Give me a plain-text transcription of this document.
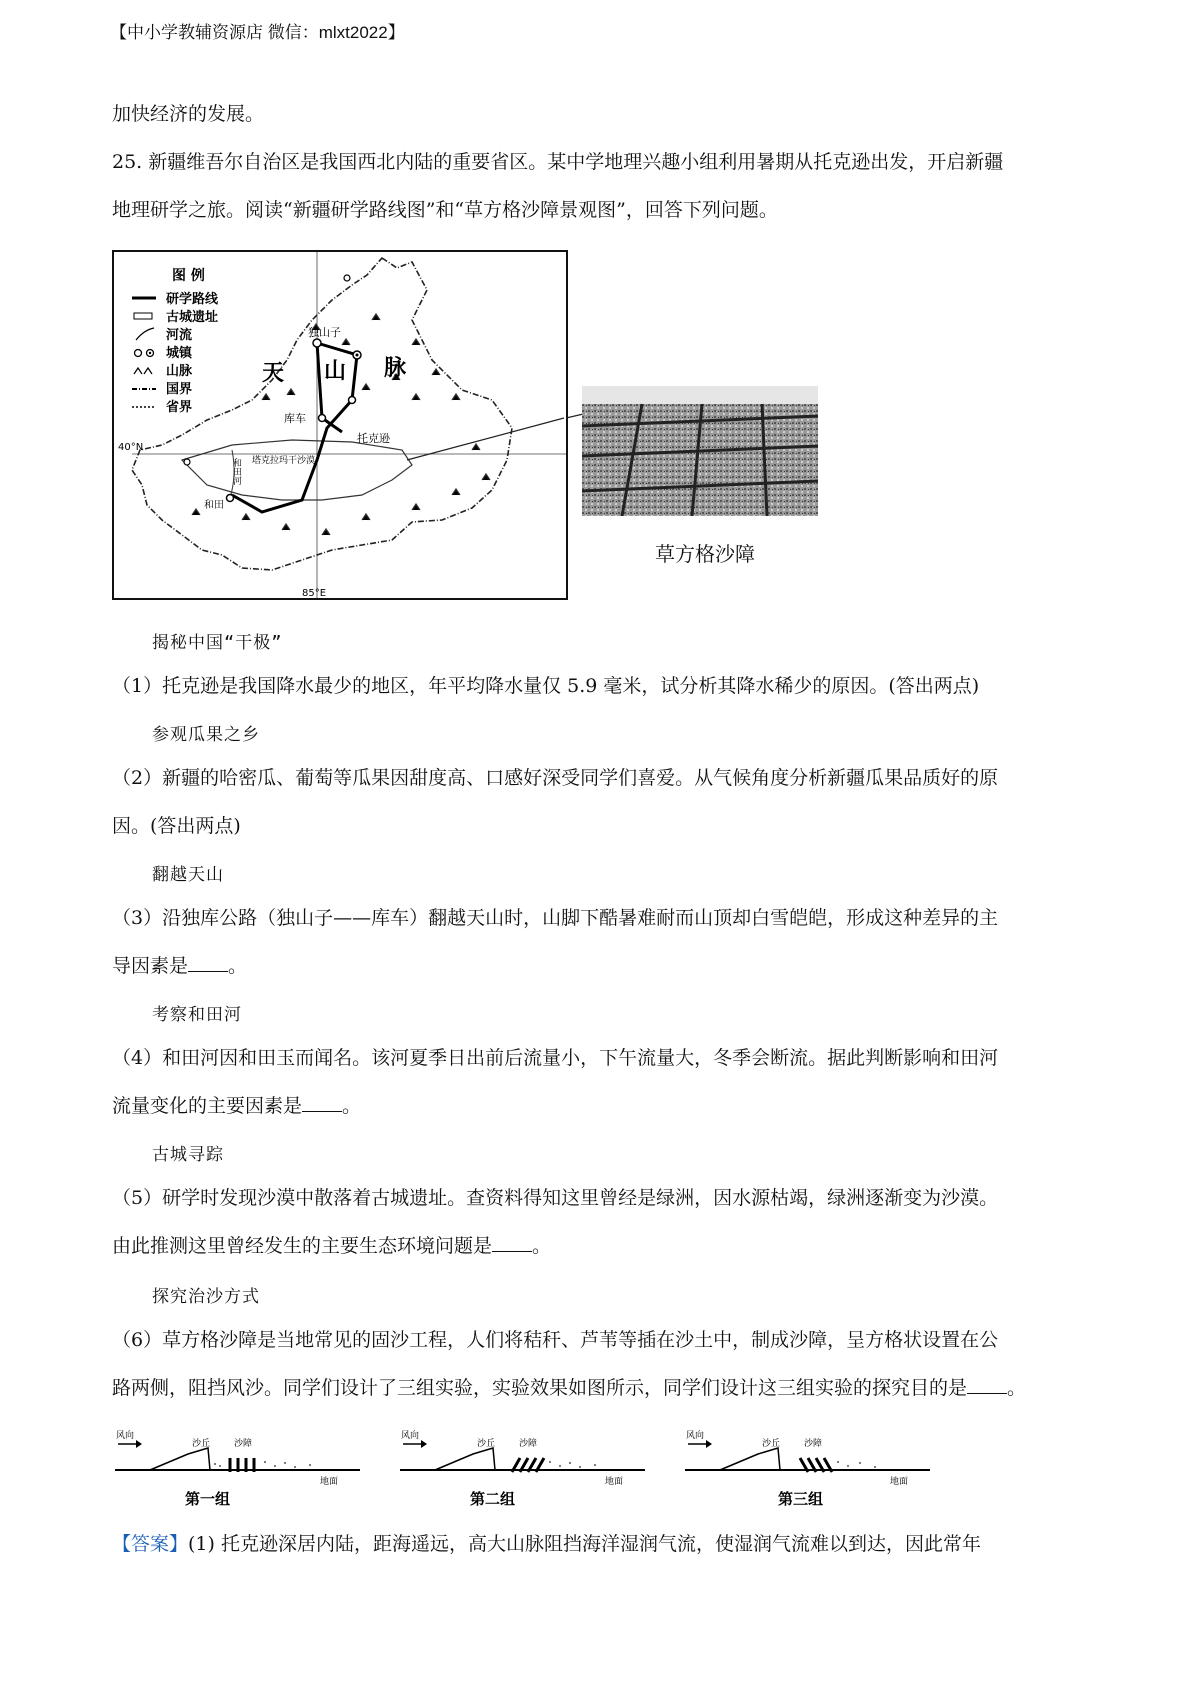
【中小学教辅资源店 微信：mlxt2022】
加快经济的发展。
25. 新疆维吾尔自治区是我国西北内陆的重要省区。某中学地理兴趣小组利用暑期从托克逊出发，开启新疆
地理研学之旅。阅读“新疆研学路线图”和“草方格沙障景观图”，回答下列问题。
图 例
研学路线
古城遗址
河流
城镇
山脉
国界
省界
独山子
库车
托克逊
和田
天 山 脉
40°N
85°E
塔克拉玛干沙漠
和田河
草方格沙障
揭秘中国“干极”
（1）托克逊是我国降水最少的地区，年平均降水量仅 5.9 毫米，试分析其降水稀少的原因。(答出两点)
参观瓜果之乡
（2）新疆的哈密瓜、葡萄等瓜果因甜度高、口感好深受同学们喜爱。从气候角度分析新疆瓜果品质好的原
因。(答出两点)
翻越天山
（3）沿独库公路（独山子——库车）翻越天山时，山脚下酷暑难耐而山顶却白雪皑皑，形成这种差异的主
导因素是 。
考察和田河
（4）和田河因和田玉而闻名。该河夏季日出前后流量小，下午流量大，冬季会断流。据此判断影响和田河
流量变化的主要因素是 。
古城寻踪
（5）研学时发现沙漠中散落着古城遗址。查资料得知这里曾经是绿洲，因水源枯竭，绿洲逐渐变为沙漠。
由此推测这里曾经发生的主要生态环境问题是 。
探究治沙方式
（6）草方格沙障是当地常见的固沙工程，人们将秸秆、芦苇等插在沙土中，制成沙障，呈方格状设置在公
路两侧，阻挡风沙。同学们设计了三组实验，实验效果如图所示，同学们设计这三组实验的探究目的是 。
风向
沙丘	沙障
地面
第一组
风向
沙丘	沙障
地面
第二组
风向
沙丘	沙障
地面
第三组
【答案】(1) 托克逊深居内陆，距海遥远，高大山脉阻挡海洋湿润气流，使湿润气流难以到达，因此常年
